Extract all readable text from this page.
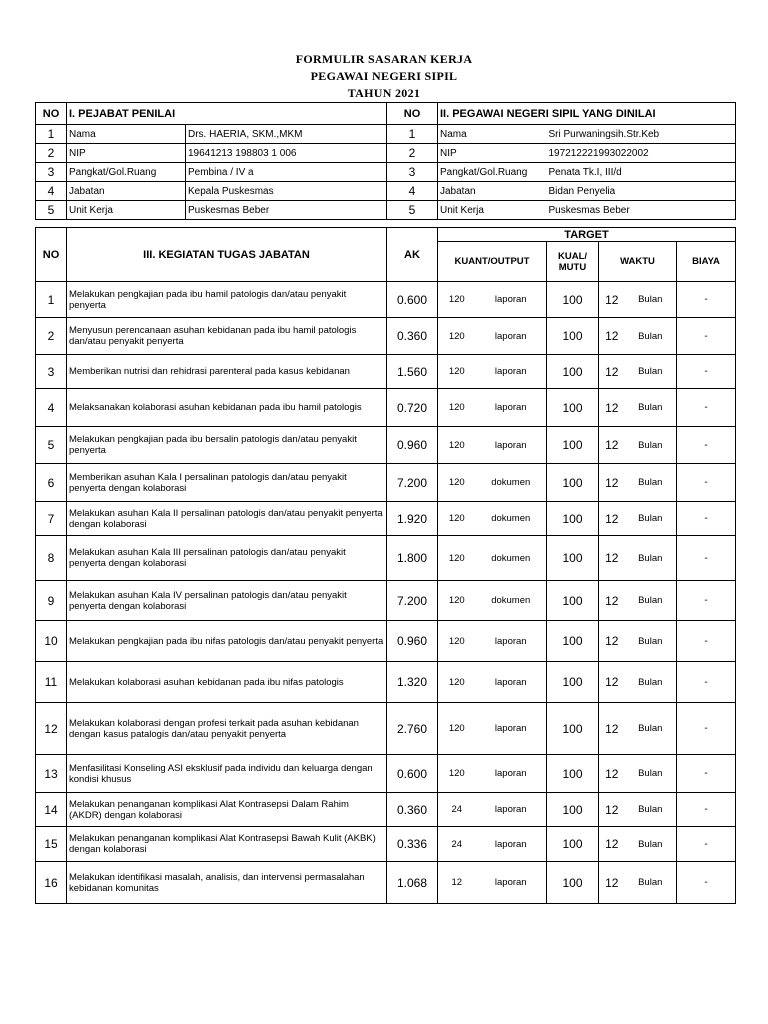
FORMULIR SASARAN KERJA
PEGAWAI NEGERI SIPIL
TAHUN 2021
NO	I. PEJABAT PENILAI		NO	II. PEGAWAI NEGERI SIPIL YANG DINILAI	
1	Nama	Drs. HAERIA, SKM.,MKM	1	Nama	Sri Purwaningsih.Str.Keb
2	NIP	19641213 198803 1 006	2	NIP	197212221993022002
3	Pangkat/Gol.Ruang	Pembina / IV a	3	Pangkat/Gol.Ruang	Penata Tk.I, III/d
4	Jabatan	Kepala Puskesmas	4	Jabatan	Bidan Penyelia
5	Unit Kerja	Puskesmas Beber	5	Unit Kerja	Puskesmas Beber
NO	III. KEGIATAN TUGAS JABATAN	AK	TARGET					
			KUANT/OUTPUT		KUAL/ MUTU	WAKTU		BIAYA
1	Melakukan pengkajian pada ibu hamil patologis dan/atau penyakit penyerta	0.600	120	laporan	100	12	Bulan	-
2	Menyusun perencanaan asuhan kebidanan pada ibu hamil patologis dan/atau penyakit penyerta	0.360	120	laporan	100	12	Bulan	-
3	Memberikan nutrisi dan rehidrasi parenteral pada kasus kebidanan	1.560	120	laporan	100	12	Bulan	-
4	Melaksanakan kolaborasi asuhan kebidanan pada ibu hamil patologis	0.720	120	laporan	100	12	Bulan	-
5	Melakukan pengkajian pada ibu bersalin patologis dan/atau penyakit penyerta	0.960	120	laporan	100	12	Bulan	-
6	Memberikan asuhan Kala I persalinan patologis dan/atau penyakit penyerta dengan kolaborasi	7.200	120	dokumen	100	12	Bulan	-
7	Melakukan asuhan Kala II persalinan patologis dan/atau penyakit penyerta dengan kolaborasi	1.920	120	dokumen	100	12	Bulan	-
8	Melakukan asuhan Kala III persalinan patologis dan/atau penyakit penyerta dengan kolaborasi	1.800	120	dokumen	100	12	Bulan	-
9	Melakukan asuhan Kala IV persalinan patologis dan/atau penyakit penyerta dengan kolaborasi	7.200	120	dokumen	100	12	Bulan	-
10	Melakukan pengkajian pada ibu nifas patologis dan/atau penyakit penyerta	0.960	120	laporan	100	12	Bulan	-
11	Melakukan kolaborasi asuhan kebidanan pada ibu nifas patologis	1.320	120	laporan	100	12	Bulan	-
12	Melakukan kolaborasi dengan profesi terkait pada asuhan kebidanan dengan kasus patalogis dan/atau penyakit penyerta	2.760	120	laporan	100	12	Bulan	-
13	Menfasilitasi Konseling ASI eksklusif pada individu dan keluarga dengan kondisi khusus	0.600	120	laporan	100	12	Bulan	-
14	Melakukan penanganan komplikasi Alat Kontrasepsi Dalam Rahim (AKDR) dengan kolaborasi	0.360	24	laporan	100	12	Bulan	-
15	Melakukan penanganan komplikasi Alat Kontrasepsi Bawah Kulit (AKBK) dengan kolaborasi	0.336	24	laporan	100	12	Bulan	-
16	Melakukan identifikasi masalah, analisis, dan intervensi permasalahan kebidanan komunitas	1.068	12	laporan	100	12	Bulan	-
